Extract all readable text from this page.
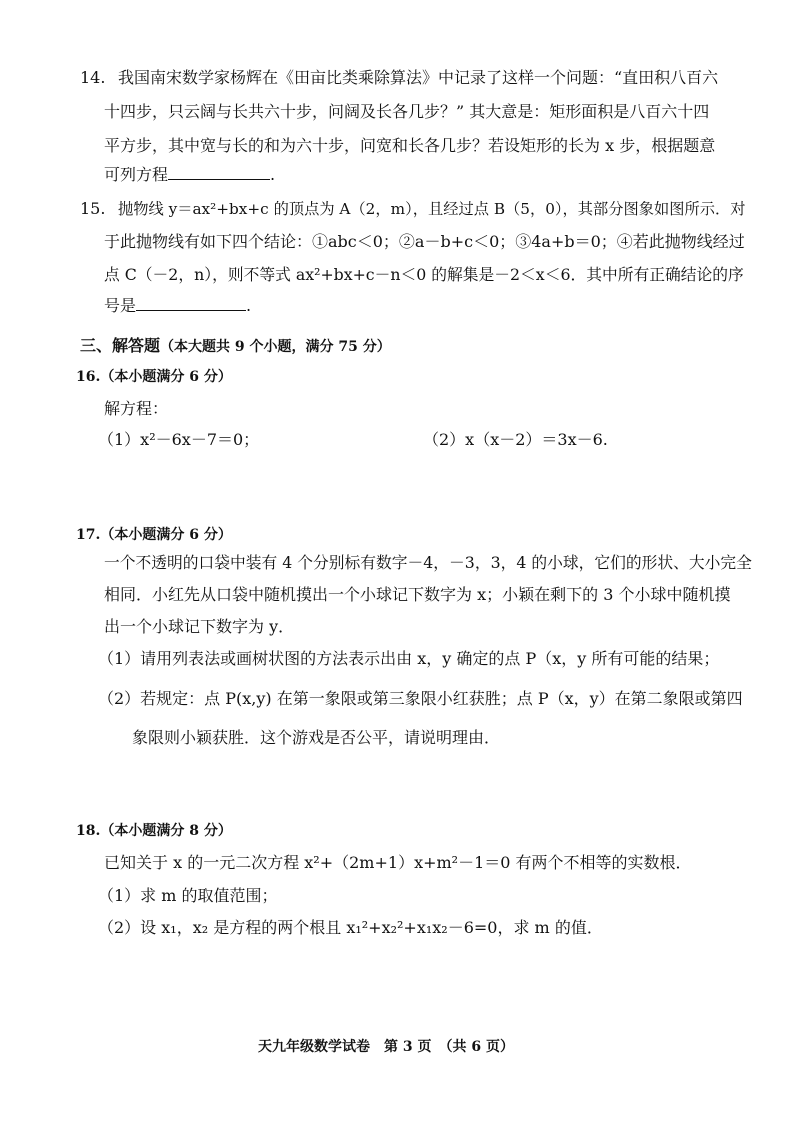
14. 我国南宋数学家杨辉在《田亩比类乘除算法》中记录了这样一个问题：“直田积八百六
十四步，只云阔与长共六十步，问阔及长各几步？” 其大意是：矩形面积是八百六十四
平方步，其中宽与长的和为六十步，问宽和长各几步？若设矩形的长为 x 步，根据题意
可列方程	.
15. 抛物线 y＝ax²+bx+c 的顶点为 A（2，m），且经过点 B（5，0），其部分图象如图所示．对
于此抛物线有如下四个结论：①abc＜0；②a－b+c＜0；③4a+b＝0；④若此抛物线经过
点 C（－2，n），则不等式 ax²+bx+c－n＜0 的解集是－2＜x＜6．其中所有正确结论的序
号是	.
三、解答题（本大题共 9 个小题，满分 75 分）
16.（本小题满分 6 分）
解方程：
（1）x²－6x－7＝0；	（2）x（x－2）＝3x－6.
17.（本小题满分 6 分）
一个不透明的口袋中装有 4 个分别标有数字－4，－3，3，4 的小球，它们的形状、大小完全
相同．小红先从口袋中随机摸出一个小球记下数字为 x；小颖在剩下的 3 个小球中随机摸
出一个小球记下数字为 y．
（1）请用列表法或画树状图的方法表示出由 x，y 确定的点 P（x，y 所有可能的结果；
（2）若规定：点 P(x,y) 在第一象限或第三象限小红获胜；点 P（x，y）在第二象限或第四
象限则小颖获胜．这个游戏是否公平，请说明理由．
18.（本小题满分 8 分）
已知关于 x 的一元二次方程 x²+（2m+1）x+m²－1＝0 有两个不相等的实数根．
（1）求 m 的取值范围；
（2）设 x₁，x₂ 是方程的两个根且 x₁²+x₂²+x₁x₂－6=0，求 m 的值．
天九年级数学试卷　第 3 页　（共 6 页）
